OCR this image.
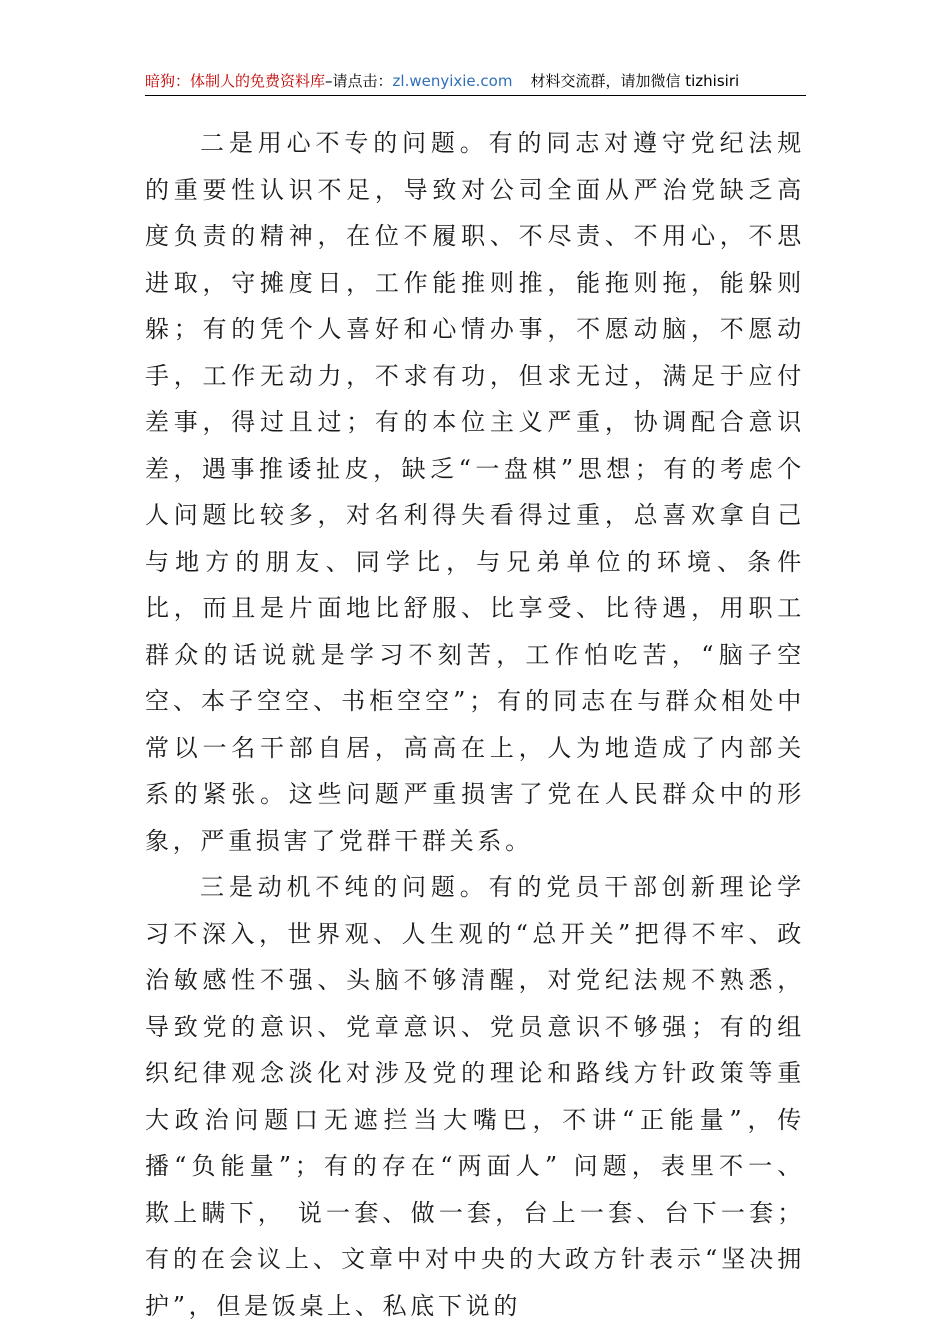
暗狗：体制人的免费资料库–请点击：zl.wenyixie.com 材料交流群，请加微信 tizhisiri

二是用心不专的问题。有的同志对遵守党纪法规的重要性认识不足，导致对公司全面从严治党缺乏高度负责的精神，在位不履职、不尽责、不用心，不思进取，守摊度日，工作能推则推，能拖则拖，能躲则躲；有的凭个人喜好和心情办事，不愿动脑，不愿动手，工作无动力，不求有功，但求无过，满足于应付差事，得过且过；有的本位主义严重，协调配合意识差，遇事推诿扯皮，缺乏“一盘棋”思想；有的考虑个人问题比较多，对名利得失看得过重，总喜欢拿自己与地方的朋友、同学比，与兄弟单位的环境、条件比，而且是片面地比舒服、比享受、比待遇，用职工群众的话说就是学习不刻苦，工作怕吃苦，“脑子空空、本子空空、书柜空空”；有的同志在与群众相处中常以一名干部自居，高高在上，人为地造成了内部关系的紧张。这些问题严重损害了党在人民群众中的形象，严重损害了党群干群关系。

三是动机不纯的问题。有的党员干部创新理论学习不深入，世界观、人生观的“总开关”把得不牢、政治敏感性不强、头脑不够清醒，对党纪法规不熟悉，导致党的意识、党章意识、党员意识不够强；有的组织纪律观念淡化对涉及党的理论和路线方针政策等重大政治问题口无遮拦当大嘴巴，不讲“正能量”，传播“负能量”；有的存在“两面人” 问题，表里不一、 欺上瞒下， 说一套、做一套，台上一套、台下一套；有的在会议上、文章中对中央的大政方针表示“坚决拥护”，但是饭桌上、私底下说的
